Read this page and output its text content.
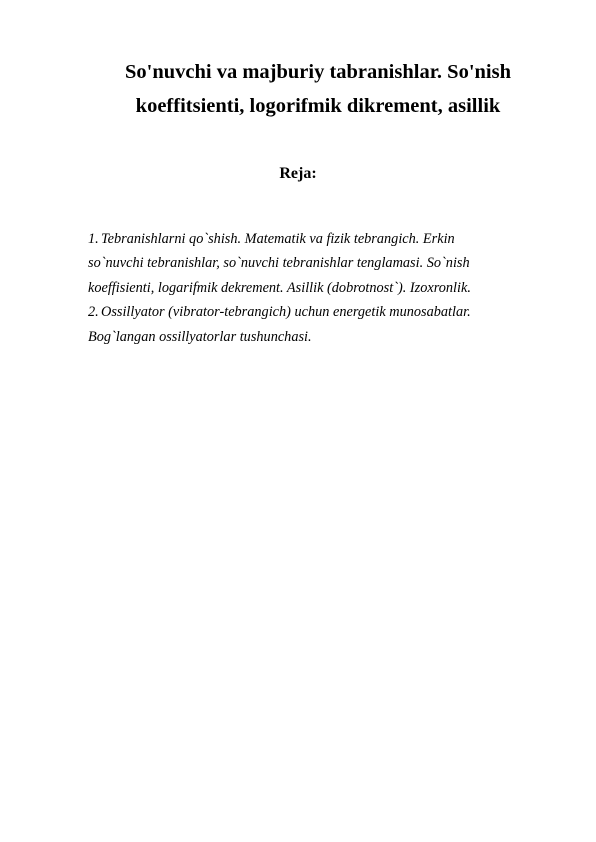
So'nuvchi va majburiy tabranishlar. So'nish
koeffitsienti, logorifmik dikrement, asillik

Reja:

1. Tebranishlarni qo`shish. Matematik va fizik tebrangich. Erkin
so`nuvchi tebranishlar, so`nuvchi tebranishlar tenglamasi. So`nish
koeffisienti, logarifmik dekrement. Asillik (dobrotnost`). Izoxronlik.
2. Ossillyator (vibrator-tebrangich) uchun energetik munosabatlar.
Bog`langan ossillyatorlar tushunchasi.
